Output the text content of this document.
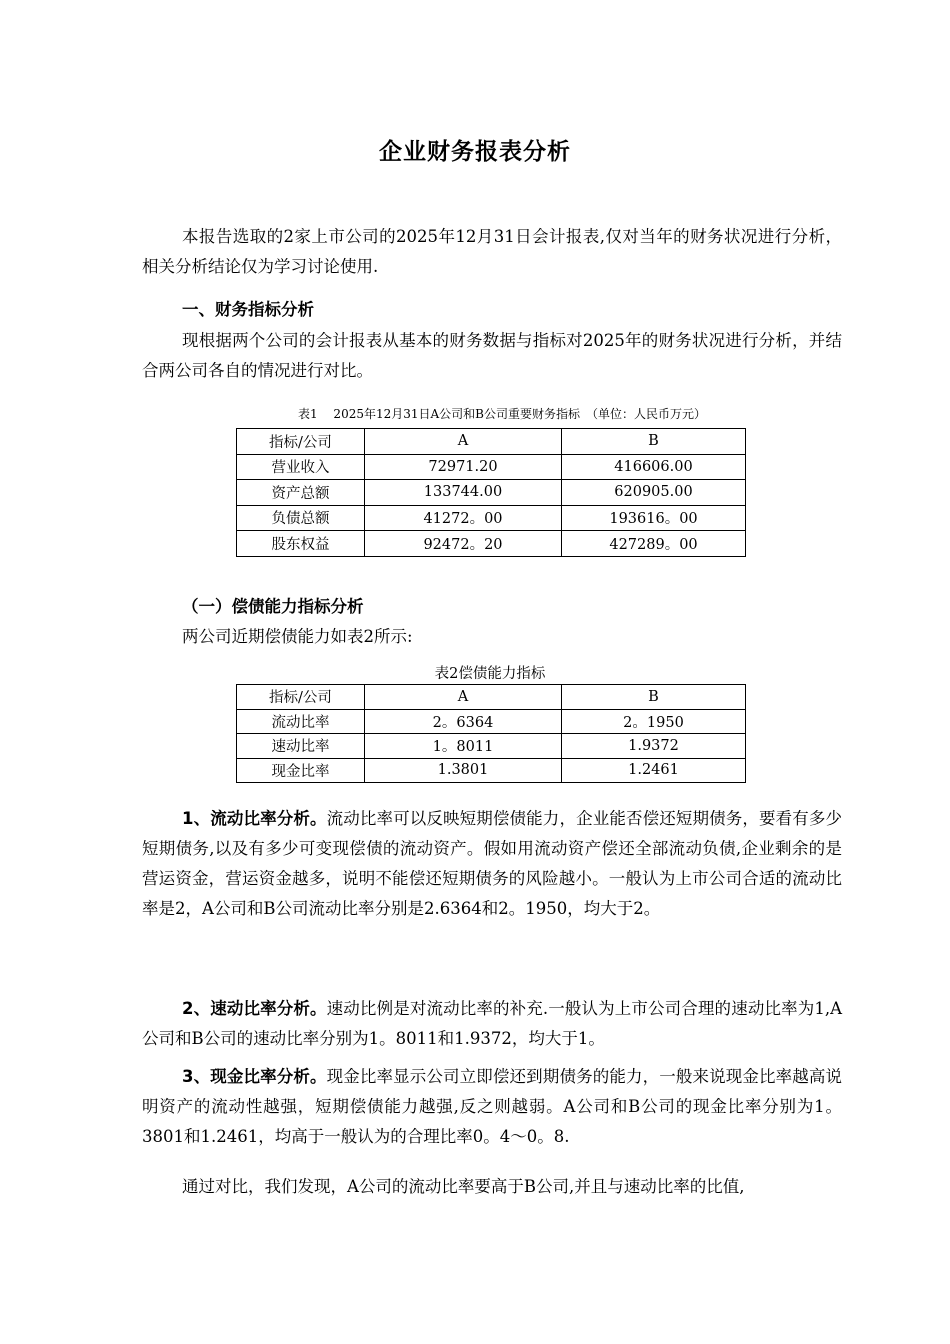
企业财务报表分析

本报告选取的2家上市公司的2025年12月31日会计报表,仅对当年的财务状况进行分析，相关分析结论仅为学习讨论使用.

一、财务指标分析

现根据两个公司的会计报表从基本的财务数据与指标对2025年的财务状况进行分析，并结合两公司各自的情况进行对比。

表1　 2025年12月31日A公司和B公司重要财务指标　（单位：人民币万元）

指标/公司	A	B
营业收入	72971.20	416606.00
资产总额	133744.00	620905.00
负债总额	41272。00	193616。00
股东权益	92472。20	427289。00

（一）偿债能力指标分析

两公司近期偿债能力如表2所示:

表2偿债能力指标

指标/公司	A	B
流动比率	2。6364	2。1950
速动比率	1。8011	1.9372
现金比率	1.3801	1.2461

1、流动比率分析。流动比率可以反映短期偿债能力，企业能否偿还短期债务，要看有多少短期债务,以及有多少可变现偿债的流动资产。假如用流动资产偿还全部流动负债,企业剩余的是营运资金，营运资金越多，说明不能偿还短期债务的风险越小。一般认为上市公司合适的流动比率是2，A公司和B公司流动比率分别是2.6364和2。1950，均大于2。

2、速动比率分析。速动比例是对流动比率的补充.一般认为上市公司合理的速动比率为1,A公司和B公司的速动比率分别为1。8011和1.9372，均大于1。

3、现金比率分析。现金比率显示公司立即偿还到期债务的能力，一般来说现金比率越高说明资产的流动性越强，短期偿债能力越强,反之则越弱。A公司和B公司的现金比率分别为1。3801和1.2461，均高于一般认为的合理比率0。4～0。8.

通过对比，我们发现，A公司的流动比率要高于B公司,并且与速动比率的比值,
